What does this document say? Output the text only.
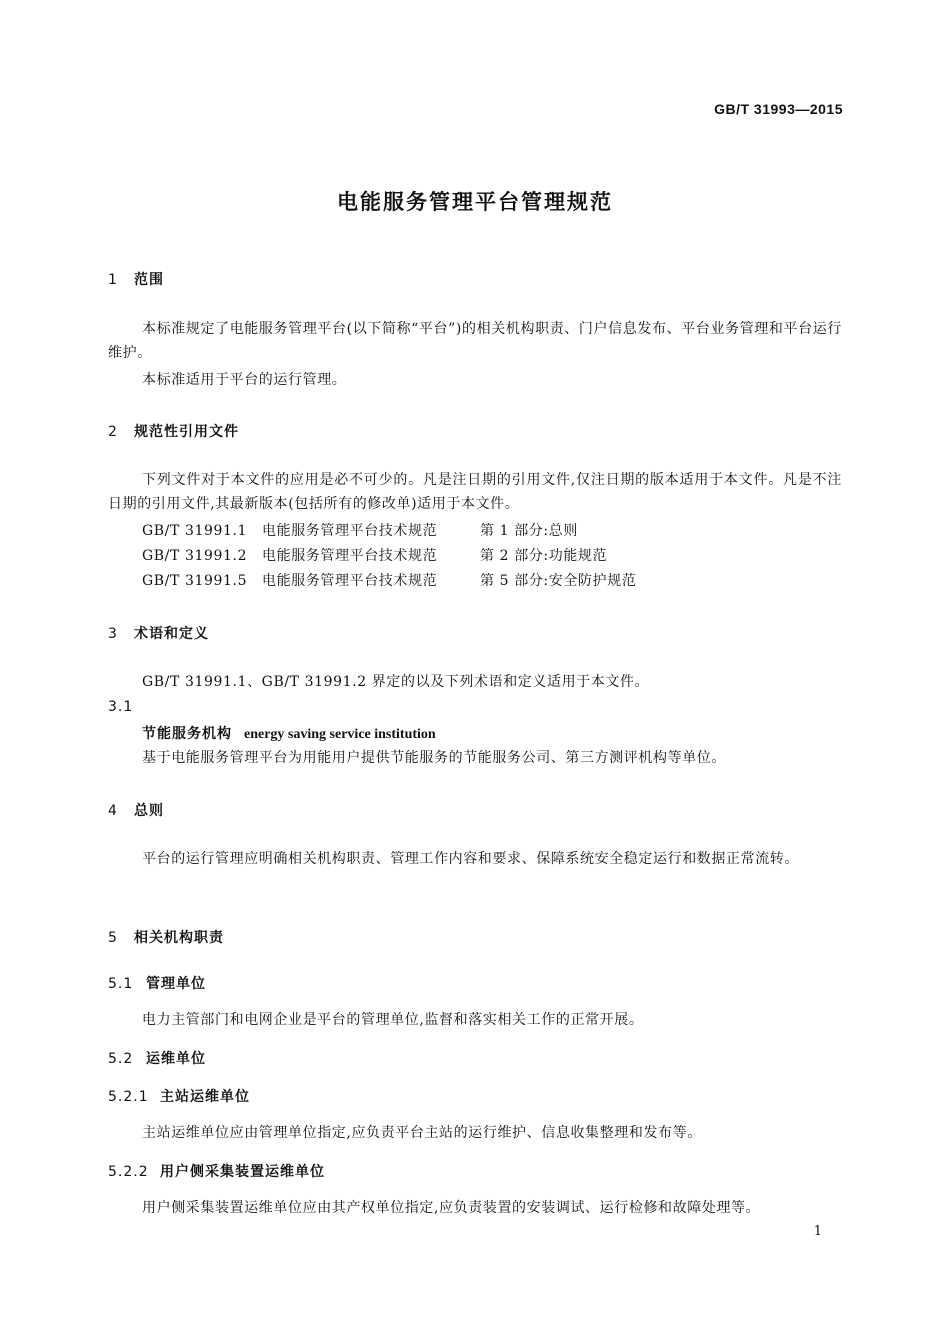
GB/T 31993—2015
电能服务管理平台管理规范
1 范围
本标准规定了电能服务管理平台(以下简称“平台”)的相关机构职责、门户信息发布、平台业务管理和平台运行维护。
本标准适用于平台的运行管理。
2 规范性引用文件
下列文件对于本文件的应用是必不可少的。凡是注日期的引用文件,仅注日期的版本适用于本文件。凡是不注日期的引用文件,其最新版本(包括所有的修改单)适用于本文件。
GB/T 31991.1 电能服务管理平台技术规范	第 1 部分:总则
GB/T 31991.2 电能服务管理平台技术规范	第 2 部分:功能规范
GB/T 31991.5 电能服务管理平台技术规范	第 5 部分:安全防护规范
3 术语和定义
GB/T 31991.1、GB/T 31991.2 界定的以及下列术语和定义适用于本文件。
3.1
节能服务机构 energy saving service institution
基于电能服务管理平台为用能用户提供节能服务的节能服务公司、第三方测评机构等单位。
4 总则
平台的运行管理应明确相关机构职责、管理工作内容和要求、保障系统安全稳定运行和数据正常流转。
5 相关机构职责
5.1 管理单位
电力主管部门和电网企业是平台的管理单位,监督和落实相关工作的正常开展。
5.2 运维单位
5.2.1 主站运维单位
主站运维单位应由管理单位指定,应负责平台主站的运行维护、信息收集整理和发布等。
5.2.2 用户侧采集装置运维单位
用户侧采集装置运维单位应由其产权单位指定,应负责装置的安装调试、运行检修和故障处理等。
1
